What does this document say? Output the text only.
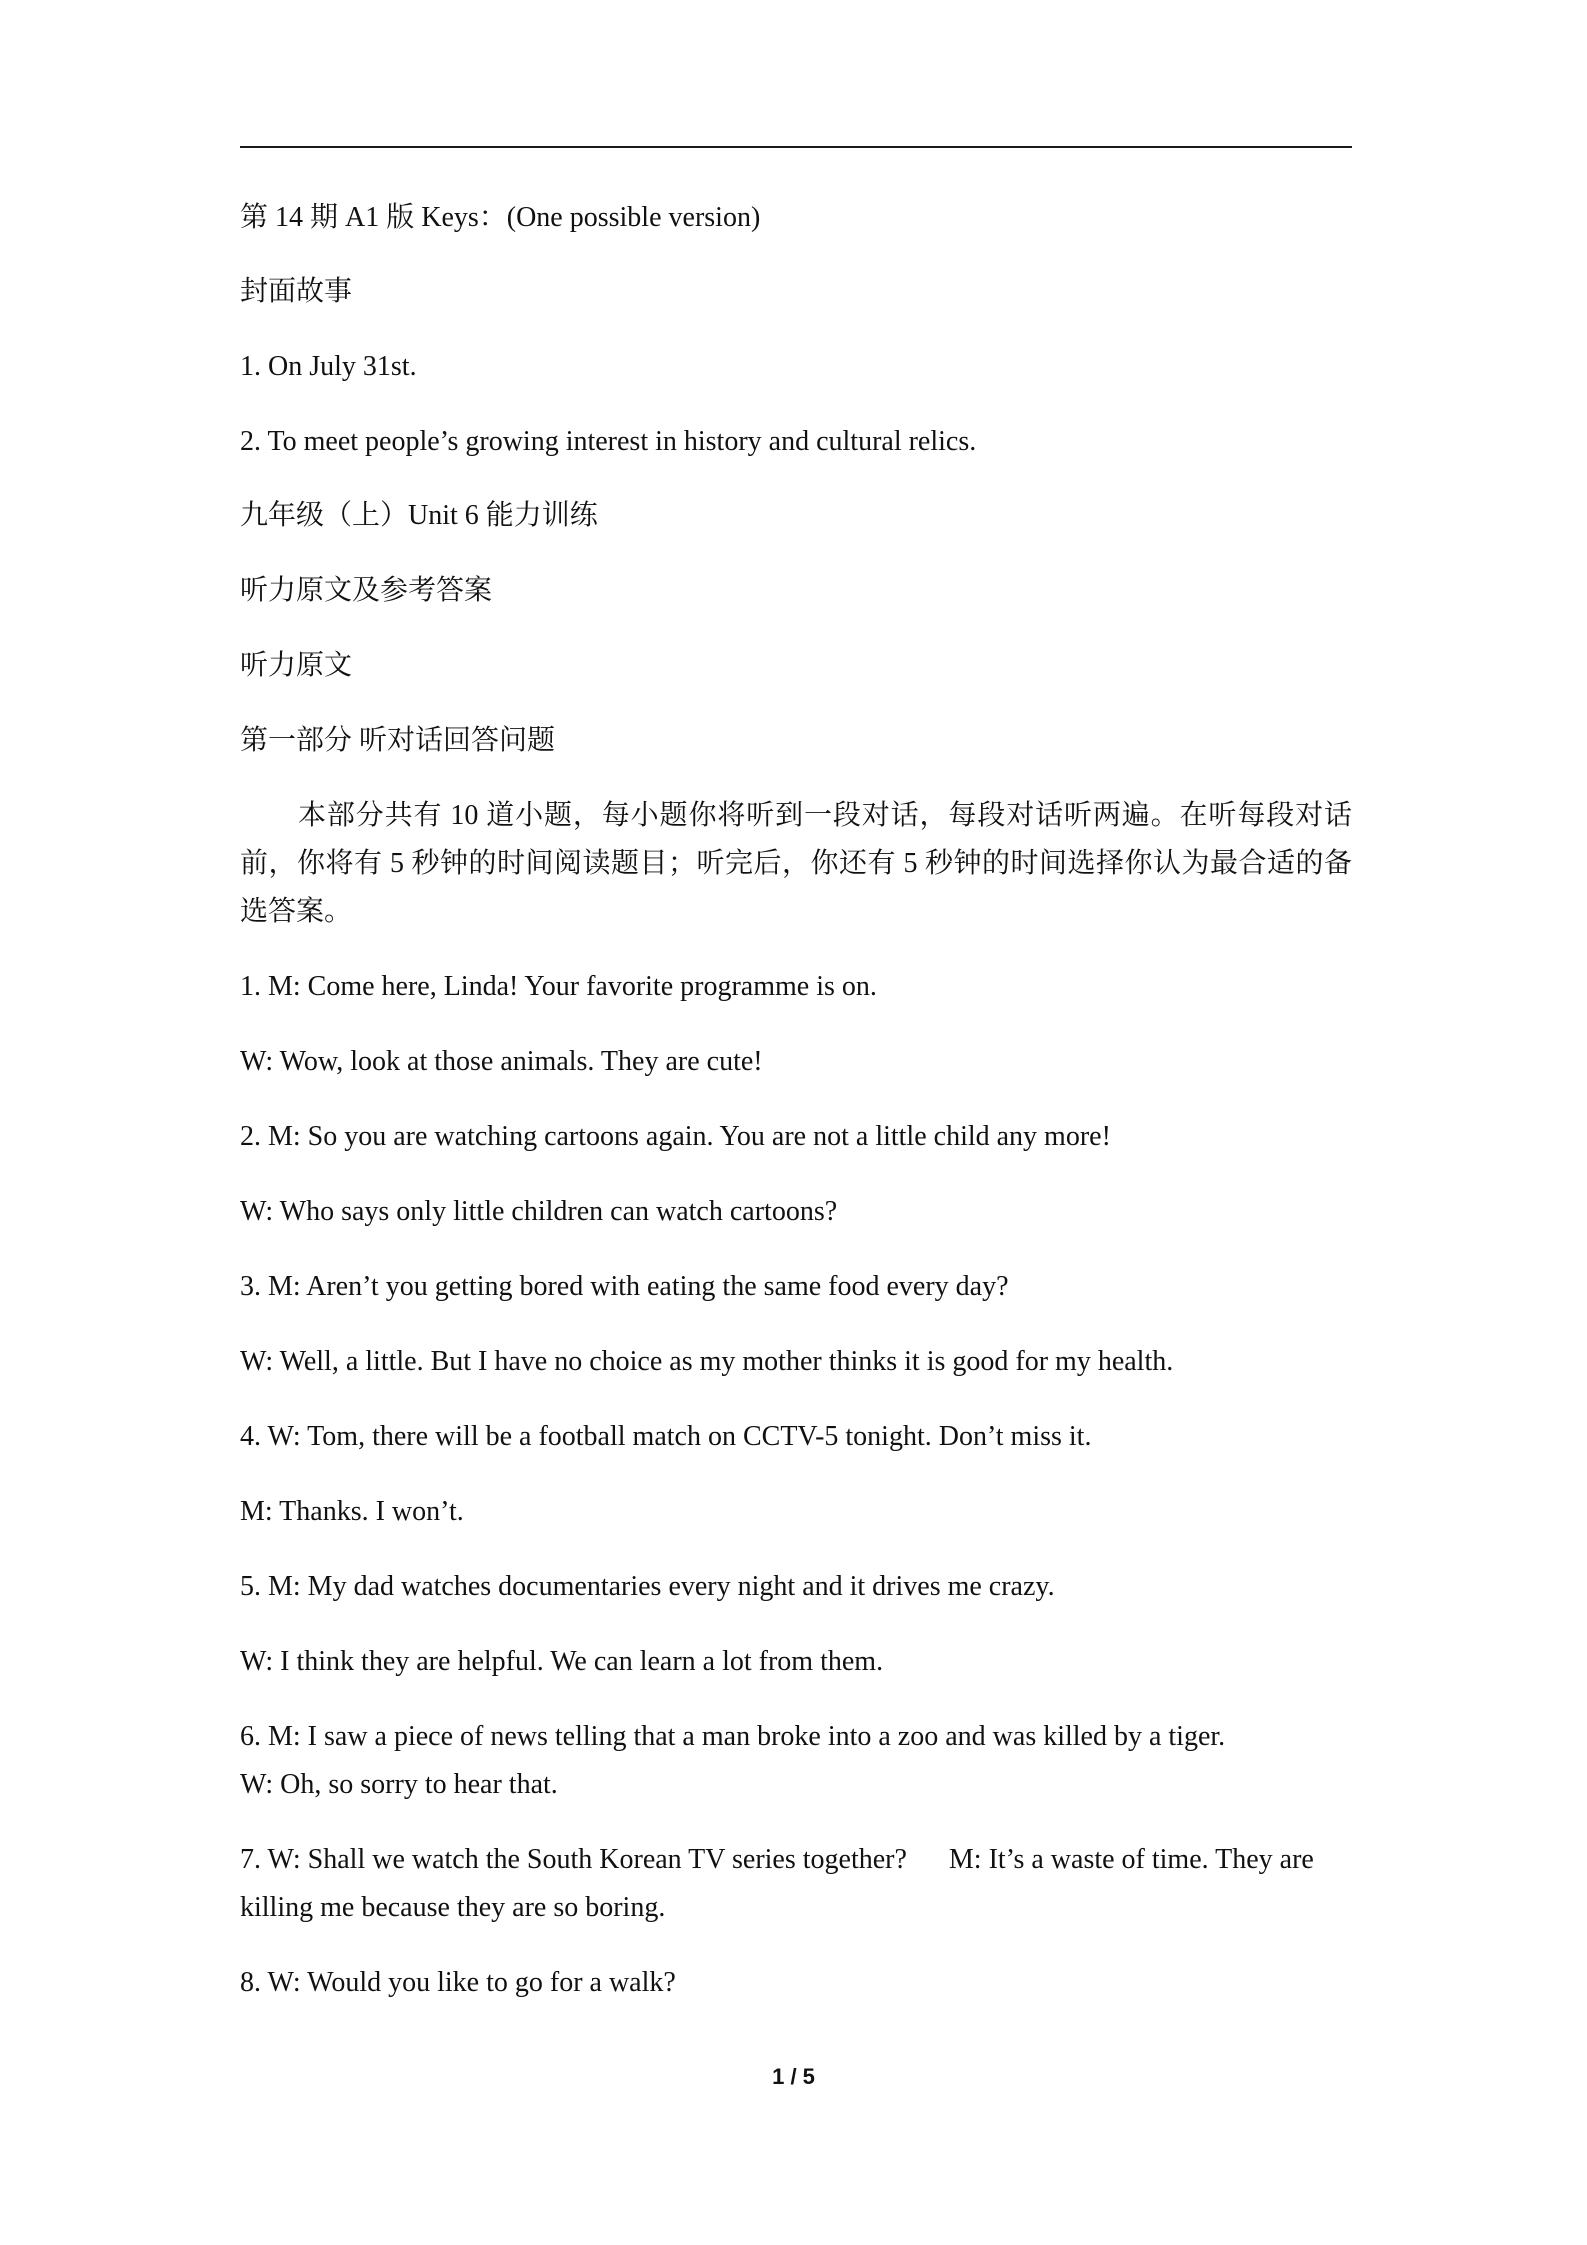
第 14 期 A1 版 Keys：(One possible version)
封面故事
1. On July 31st.
2. To meet people’s growing interest in history and cultural relics.
九年级（上）Unit 6 能力训练
听力原文及参考答案
听力原文
第一部分 听对话回答问题
本部分共有 10 道小题，每小题你将听到一段对话，每段对话听两遍。在听每段对话前，你将有 5 秒钟的时间阅读题目；听完后，你还有 5 秒钟的时间选择你认为最合适的备选答案。
1. M: Come here, Linda! Your favorite programme is on.
W: Wow, look at those animals. They are cute!
2. M: So you are watching cartoons again. You are not a little child any more!
W: Who says only little children can watch cartoons?
3. M: Aren’t you getting bored with eating the same food every day?
W: Well, a little. But I have no choice as my mother thinks it is good for my health.
4. W: Tom, there will be a football match on CCTV-5 tonight. Don’t miss it.
M: Thanks. I won’t.
5. M: My dad watches documentaries every night and it drives me crazy.
W: I think they are helpful. We can learn a lot from them.
6. M: I saw a piece of news telling that a man broke into a zoo and was killed by a tiger.
W: Oh, so sorry to hear that.
7. W: Shall we watch the South Korean TV series together?      M: It’s a waste of time. They are killing me because they are so boring.
8. W: Would you like to go for a walk?
1 / 5
